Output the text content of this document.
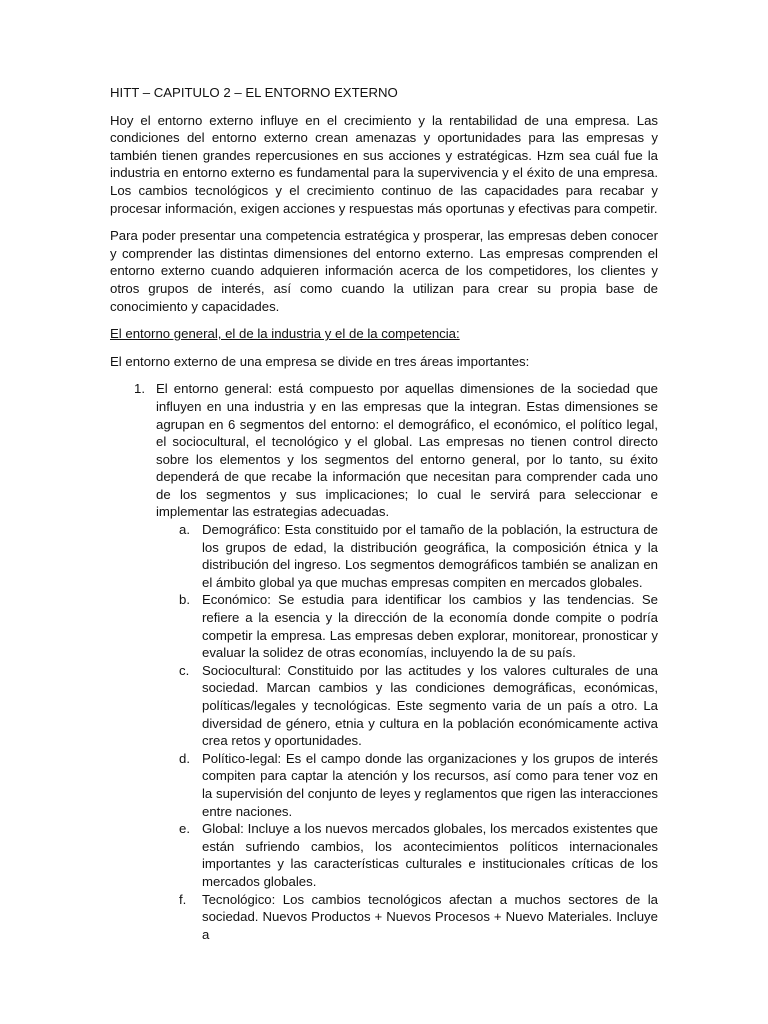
HITT – CAPITULO 2 – EL ENTORNO EXTERNO

Hoy el entorno externo influye en el crecimiento y la rentabilidad de una empresa. Las condiciones del entorno externo crean amenazas y oportunidades para las empresas y también tienen grandes repercusiones en sus acciones y estratégicas. Hzm sea cuál fue la industria en entorno externo es fundamental para la supervivencia y el éxito de una empresa. Los cambios tecnológicos y el crecimiento continuo de las capacidades para recabar y procesar información, exigen acciones y respuestas más oportunas y efectivas para competir.

Para poder presentar una competencia estratégica y prosperar, las empresas deben conocer y comprender las distintas dimensiones del entorno externo. Las empresas comprenden el entorno externo cuando adquieren información acerca de los competidores, los clientes y otros grupos de interés, así como cuando la utilizan para crear su propia base de conocimiento y capacidades.

El entorno general, el de la industria y el de la competencia:

El entorno externo de una empresa se divide en tres áreas importantes:

1. El entorno general: está compuesto por aquellas dimensiones de la sociedad que influyen en una industria y en las empresas que la integran. Estas dimensiones se agrupan en 6 segmentos del entorno: el demográfico, el económico, el político legal, el sociocultural, el tecnológico y el global. Las empresas no tienen control directo sobre los elementos y los segmentos del entorno general, por lo tanto, su éxito dependerá de que recabe la información que necesitan para comprender cada uno de los segmentos y sus implicaciones; lo cual le servirá para seleccionar e implementar las estrategias adecuadas.
a. Demográfico: Esta constituido por el tamaño de la población, la estructura de los grupos de edad, la distribución geográfica, la composición étnica y la distribución del ingreso. Los segmentos demográficos también se analizan en el ámbito global ya que muchas empresas compiten en mercados globales.
b. Económico: Se estudia para identificar los cambios y las tendencias. Se refiere a la esencia y la dirección de la economía donde compite o podría competir la empresa. Las empresas deben explorar, monitorear, pronosticar y evaluar la solidez de otras economías, incluyendo la de su país.
c. Sociocultural: Constituido por las actitudes y los valores culturales de una sociedad. Marcan cambios y las condiciones demográficas, económicas, políticas/legales y tecnológicas. Este segmento varia de un país a otro. La diversidad de género, etnia y cultura en la población económicamente activa crea retos y oportunidades.
d. Político-legal: Es el campo donde las organizaciones y los grupos de interés compiten para captar la atención y los recursos, así como para tener voz en la supervisión del conjunto de leyes y reglamentos que rigen las interacciones entre naciones.
e. Global: Incluye a los nuevos mercados globales, los mercados existentes que están sufriendo cambios, los acontecimientos políticos internacionales importantes y las características culturales e institucionales críticas de los mercados globales.
f. Tecnológico: Los cambios tecnológicos afectan a muchos sectores de la sociedad. Nuevos Productos + Nuevos Procesos + Nuevo Materiales. Incluye a
